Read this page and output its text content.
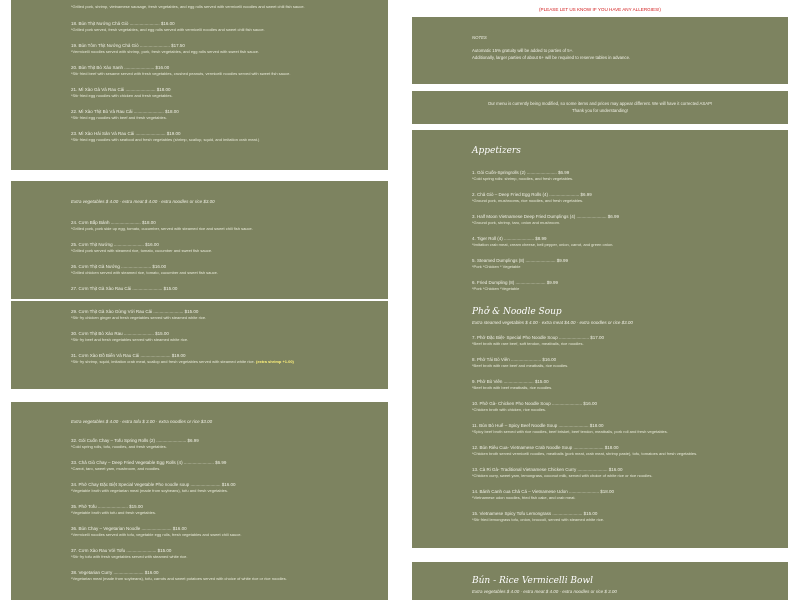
*Grilled pork, shrimp, vietnamese sausage, fresh vegetables, and egg rolls served with vermicelli noodles and sweet chili fish sauce.
18. Bún Thịt Nướng Chả Giò ........................ $16.00
*Grilled pork served, fresh vegetables, and egg rolls served with vermicelli noodles and sweet chili fish sauce.
19. Bún Tôm Thịt Nướng Chả Giò ........................ $17.50
*Vermicelli noodles served with shrimp, pork, fresh vegetables, and egg rolls served with sweet fish sauce.
20. Bún Thịt Bò Xào Xanh ........................ $16.00
*Stir fried beef with sesame served with fresh vegetables, crushed peanuts, vermicelli noodles served with sweet fish sauce.
21. Mì Xào Gà Và Rau Cải ........................ $18.00
*Stir fried egg noodles with chicken and fresh vegetables.
22. Mì Xào Thịt Bò Và Rau Cải ........................ $18.00
*Stir fried egg noodles with beef and fresh vegetables.
23. Mì Xào Hải Sản Và Rau Cải ........................ $19.00
*Stir fried egg noodles with seafood and fresh vegetables (shrimp, scallop, squid, and imitation crab meat.)
Extra vegetables $ 4.00 · extra meat $ 4.00 · extra noodles or rice $3.00
24. Cơm Bắp Bánh ........................ $18.00
*Grilled pork, pork side up egg, tomato, cucumber, served with steamed rice and sweet chili fish sauce.
25. Cơm Thịt Nướng ........................ $16.00
*Grilled pork served with steamed rice, tomato, cucumber and sweet fish sauce.
26. Cơm Thịt Gà Nướng ........................ $16.00
*Grilled chicken served with steamed rice, tomato, cucumber and sweet fish sauce.
27. Cơm Thịt Gà Xào Rau Cải ........................ $15.00
29. Cơm Thịt Gà Xào Gừng Với Rau Cải ........................ $15.00
*Stir fry chicken ginger and fresh vegetables served with steamed white rice.
30. Cơm Thịt Bò Xào Rau ........................ $15.00
*Stir fry beef and fresh vegetables served with steamed white rice.
31. Cơm Xào Đồ Biển Và Rau Cải ........................ $19.00
*Stir fry shrimp, squid, imitation crab meat, scallop and fresh vegetables served with steamed white rice. (extra shrimp +1.00)
Extra vegetables $ 4.00 · extra tofu $ 3.00 · extra noodles or rice $3.00
32. Gỏi Cuốn Chay – Tofu Spring Rolls (2) ........................ $6.99
*Cold spring rolls, tofu, noodles, and fresh vegetables.
33. Chả Giò Chay – Deep Fried Vegetable Egg Rolls (4) ........................ $6.99
*Carrot, taro, sweet yam, mushroom, and noodles.
34. Phở Chay Đặc Biệt Special Vegetable Pho noodle soup ........................ $16.00
*Vegetable broth with vegetarian meat (made from soybeans), tofu and fresh vegetables.
35. Phở Tofu ........................ $15.00
*Vegetable broth with tofu and fresh vegetables.
36. Bún Chay – Vegetarian Noodle ........................ $16.00
*Vermicelli noodles served with tofu, vegetable egg rolls, fresh vegetables and sweet chili sauce.
37. Cơm Xào Rau Với Tofu ........................ $15.00
*Stir fry tofu with fresh vegetables served with steamed white rice.
38. Vegetarian Curry ........................ $16.00
*Vegetarian meat (made from soybeans), tofu, carrots and sweet potatoes served with choice of white rice or rice noodles.
(PLEASE LET US KNOW IF YOU HAVE ANY ALLERGIES!)
NOTES
Automatic 15% gratuity will be added to parties of 5+.
Additionally, larger parties of about 6+ will be required to reserve tables in advance.
Our menu is currently being modified, so some items and prices may appear different. We will have it corrected ASAP!
Thank you for understanding!
Appetizers
1. Gỏi Cuốn-Springrolls (2) ........................ $6.99
*Cold spring rolls: shrimp, noodles, and fresh vegetables.
2. Chả Giò – Deep Fried Egg Rolls (4) ........................ $6.99
*Ground pork, mushrooms, rice noodles, and fresh vegetables.
3. Half Moon Vietnamese Deep Fried Dumplings (4) ........................ $6.99
*Ground pork, shrimp, taro, onion and mushroom.
4. Tiger Roll (4) ........................ $8.99
*Imitation crab meat, cream cheese, bell pepper, onion, carrot, and green onion.
5. Steamed Dumplings (8) ........................ $9.99
*Pork *Chicken * Vegetable
6. Fried Dumpling (8) ........................ $9.99
*Pork *Chicken *Vegetable
Phở & Noodle Soup
Extra steamed vegetables $ 4.00 · extra meat $4.00 · extra noodles or rice $3.00
7. Phở Đặc Biệt- Special Pho Noodle Soup ........................ $17.00
*Beef broth with rare beef, soft tendon, meatballs, rice noodles.
8. Phở Tái Bò Viên ........................ $16.00
*Beef broth with rare beef and meatballs, rice noodles.
9. Phở Bò Viên ........................ $15.00
*Beef broth with beef meatballs, rice noodles.
10. Phở Gà- Chicken Pho Noodle Soup ........................ $16.00
*Chicken broth with chicken, rice noodles.
11. Bún Bò Huế – Spicy Beef Noodle Soup ........................ $18.00
*Spicy beef broth served with rice noodles, beef brisket, beef tendon, meatballs, pork roll and fresh vegetables.
12. Bún Riêu Cua- Vietnamese Crab Noodle Soup ........................ $18.00
*Chicken broth served vermicelli noodles, meatballs (pork meat, crab meat, shrimp paste), tofu, tomatoes and fresh vegetables.
13. Cà Ri Gà- Traditional Vietnamese Chicken Curry ........................ $16.00
*Chicken curry, sweet yam, lemongrass, coconut milk, served with choice of white rice or rice noodles.
14. Bánh Canh cua Chả Cá – Vietnamese Udon ........................ $18.00
*Vietnamese udon noodles, fried fish cake, and crab meat.
15. Vietnamese Spicy Tofu Lemongrass ........................ $15.00
*Stir fried lemongrass tofu, onion, broccoli, served with steamed white rice.
Bún - Rice Vermicelli Bowl
Extra vegetables $ 4.00 · extra meat $ 4.00 · extra noodles or rice $ 3.00
